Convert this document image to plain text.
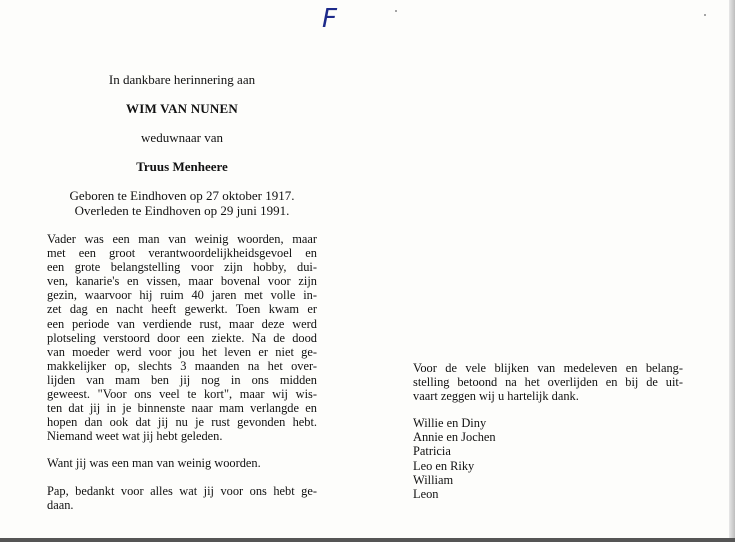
F
In dankbare herinnering aan
WIM VAN NUNEN
weduwnaar van
Truus Menheere
Geboren te Eindhoven op 27 oktober 1917.
Overleden te Eindhoven op 29 juni 1991.

Vader was een man van weinig woorden, maar
met een groot verantwoordelijkheidsgevoel en
een grote belangstelling voor zijn hobby, dui-
ven, kanarie's en vissen, maar bovenal voor zijn
gezin, waarvoor hij ruim 40 jaren met volle in-
zet dag en nacht heeft gewerkt. Toen kwam er
een periode van verdiende rust, maar deze werd
plotseling verstoord door een ziekte. Na de dood
van moeder werd voor jou het leven er niet ge-
makkelijker op, slechts 3 maanden na het over-
lijden van mam ben jij nog in ons midden
geweest. "Voor ons veel te kort", maar wij wis-
ten dat jij in je binnenste naar mam verlangde en
hopen dan ook dat jij nu je rust gevonden hebt.
Niemand weet wat jij hebt geleden.

Want jij was een man van weinig woorden.

Pap, bedankt voor alles wat jij voor ons hebt ge-
daan.

Voor de vele blijken van medeleven en belang-
stelling betoond na het overlijden en bij de uit-
vaart zeggen wij u hartelijk dank.

Willie en Diny
Annie en Jochen
Patricia
Leo en Riky
William
Leon
